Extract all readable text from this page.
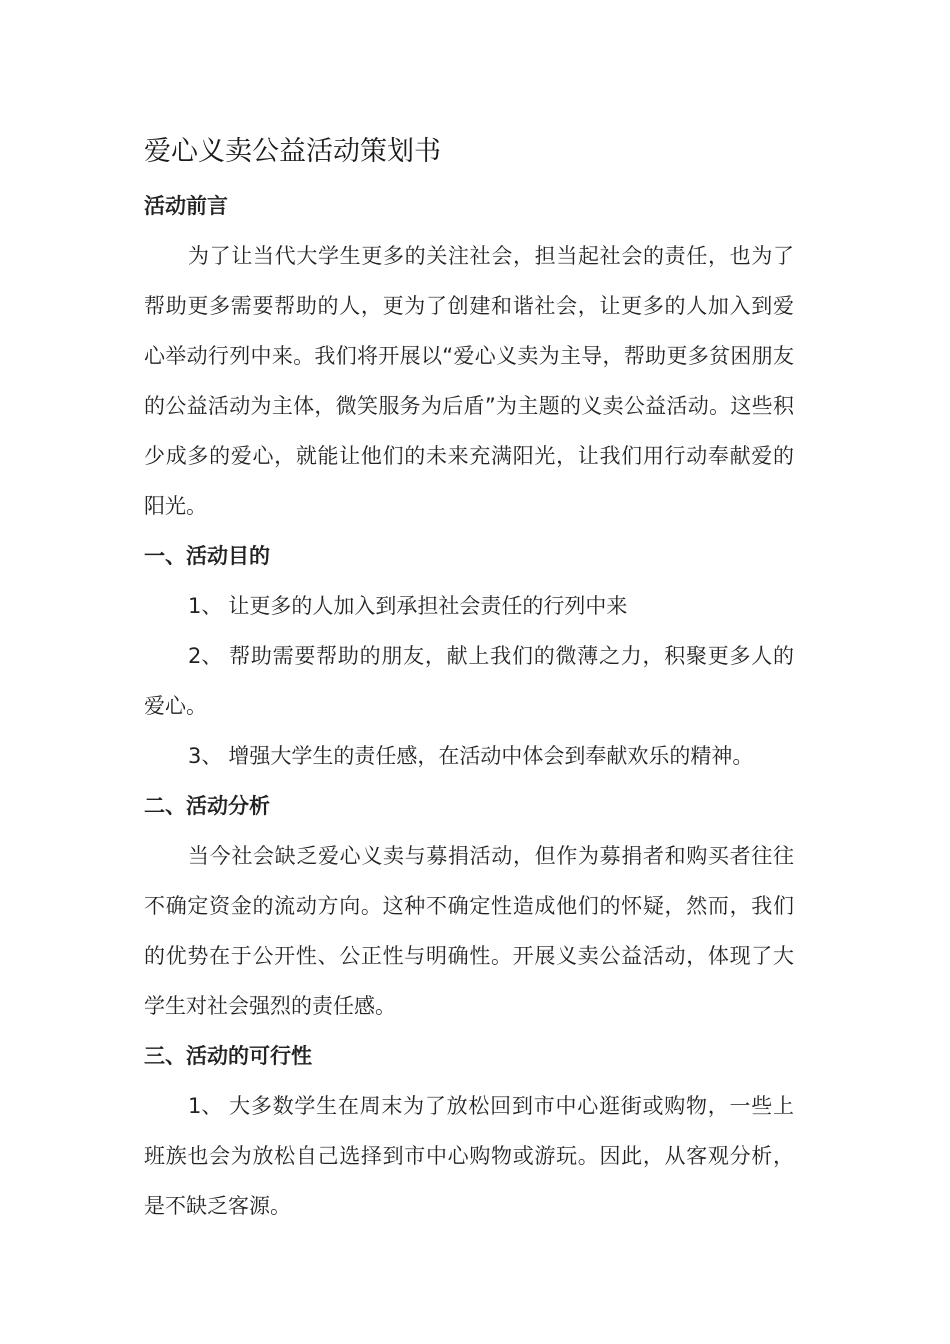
爱心义卖公益活动策划书
活动前言

为了让当代大学生更多的关注社会，担当起社会的责任，也为了帮助更多需要帮助的人，更为了创建和谐社会，让更多的人加入到爱心举动行列中来。我们将开展以“爱心义卖为主导，帮助更多贫困朋友的公益活动为主体，微笑服务为后盾”为主题的义卖公益活动。这些积少成多的爱心，就能让他们的未来充满阳光，让我们用行动奉献爱的阳光。

一、活动目的

1、 让更多的人加入到承担社会责任的行列中来

2、 帮助需要帮助的朋友，献上我们的微薄之力，积聚更多人的爱心。

3、 增强大学生的责任感，在活动中体会到奉献欢乐的精神。

二、活动分析

当今社会缺乏爱心义卖与募捐活动，但作为募捐者和购买者往往不确定资金的流动方向。这种不确定性造成他们的怀疑，然而，我们的优势在于公开性、公正性与明确性。开展义卖公益活动，体现了大学生对社会强烈的责任感。

三、活动的可行性

1、 大多数学生在周末为了放松回到市中心逛街或购物，一些上班族也会为放松自己选择到市中心购物或游玩。因此，从客观分析，是不缺乏客源。
